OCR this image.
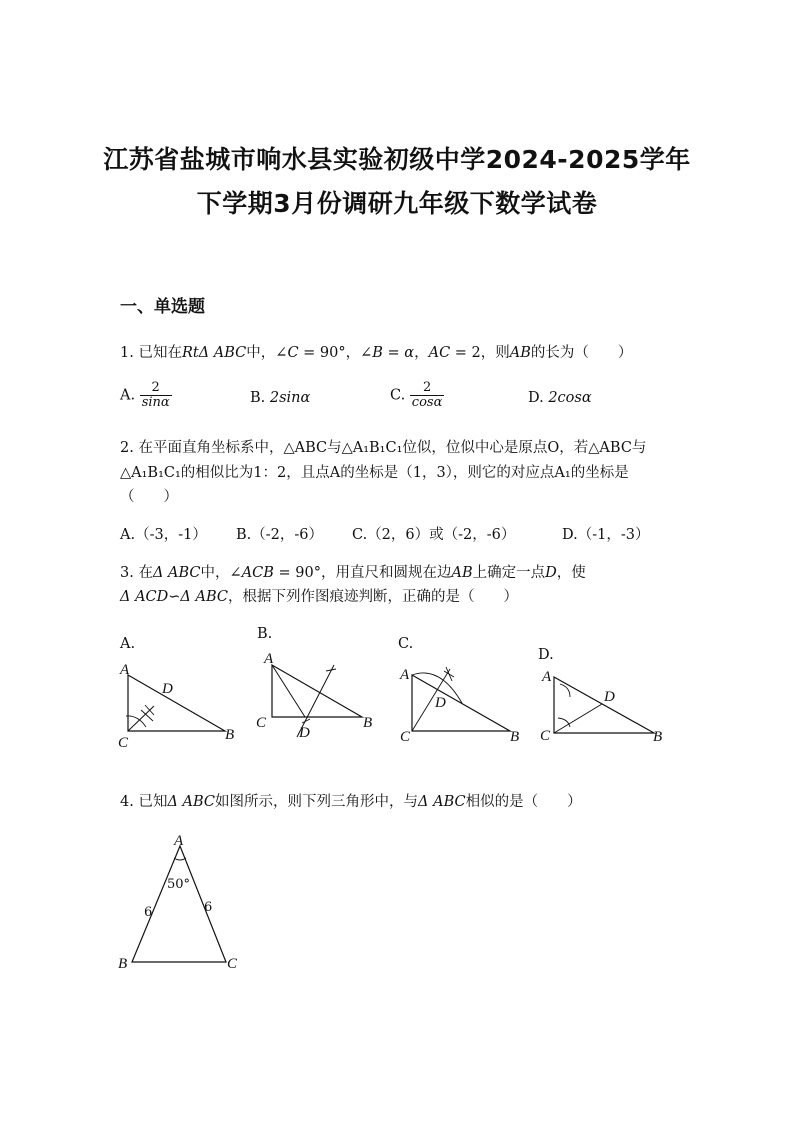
江苏省盐城市响水县实验初级中学2024-2025学年
下学期3月份调研九年级下数学试卷
一、单选题
1. 已知在RtΔ ABC中，∠C = 90°，∠B = α，AC = 2，则AB的长为（　　）
A. $\frac{2}{\sin\alpha}$	B. 2sinα	C. $\frac{2}{\cos\alpha}$	D. 2cosα
2. 在平面直角坐标系中，△ABC与△A₁B₁C₁位似，位似中心是原点O，若△ABC与
△A₁B₁C₁的相似比为1：2，且点A的坐标是（1，3），则它的对应点A₁的坐标是
（　　）
A.（-3，-1） B.（-2，-6） C.（2，6）或（-2，-6）	D.（-1，-3）
3. 在Δ ABC中，∠ACB = 90°，用直尺和圆规在边AB上确定一点D，使
Δ ACD∽Δ ABC，根据下列作图痕迹判断，正确的是（　　）
A.
A
D
C	B
B.
A
C
D
B
C.
A
D
C	B
D.
A
D
C	B
4. 已知Δ ABC如图所示，则下列三角形中，与Δ ABC相似的是（　　）
A
50°
6	6
B	C
